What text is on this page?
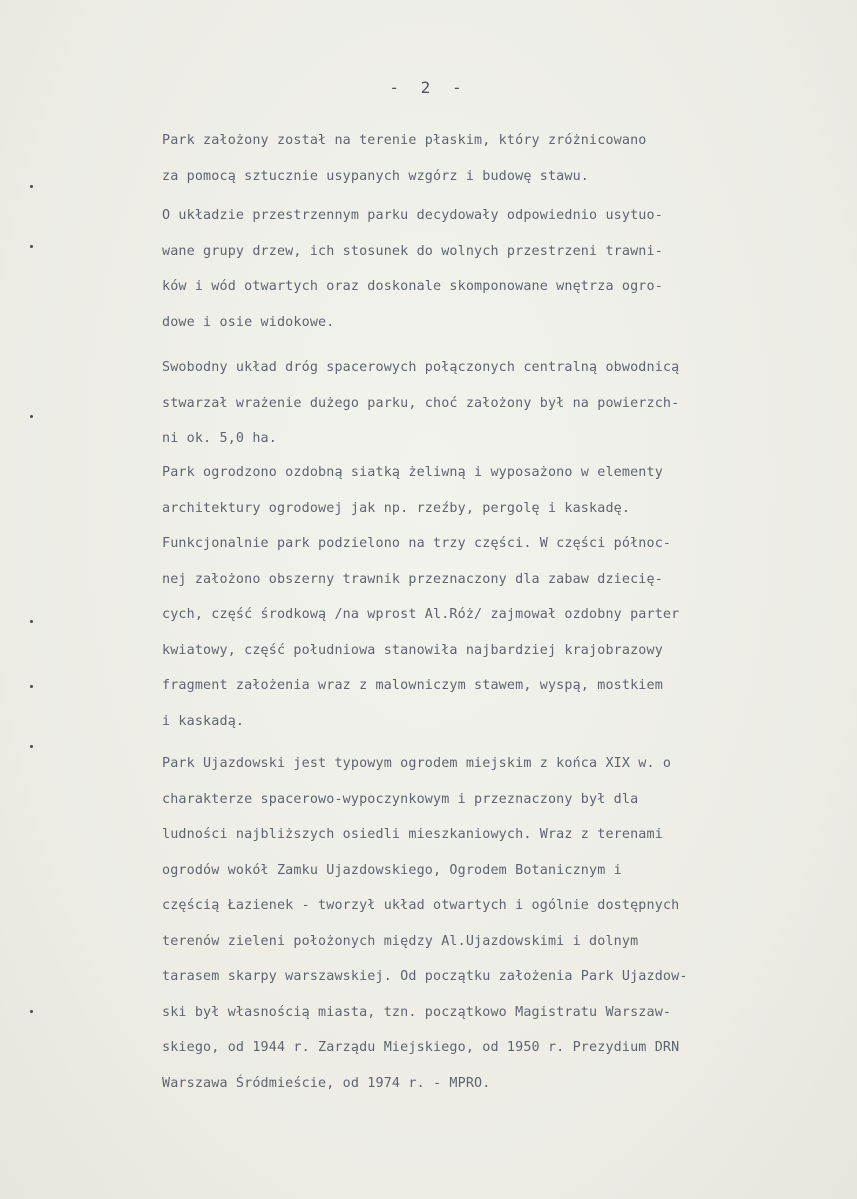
- 2 -
Park założony został na terenie płaskim, który zróżnicowano
za pomocą sztucznie usypanych wzgórz i budowę stawu.
O układzie przestrzennym parku decydowały odpowiednio usytuo-
wane grupy drzew, ich stosunek do wolnych przestrzeni trawni-
ków i wód otwartych oraz doskonale skomponowane wnętrza ogro-
dowe i osie widokowe.
Swobodny układ dróg spacerowych połączonych centralną obwodnicą
stwarzał wrażenie dużego parku, choć założony był na powierzch-
ni ok. 5,0 ha.
Park ogrodzono ozdobną siatką żeliwną i wyposażono w elementy
architektury ogrodowej jak np. rzeźby, pergolę i kaskadę.
Funkcjonalnie park podzielono na trzy części. W części północ-
nej założono obszerny trawnik przeznaczony dla zabaw dziecię-
cych, część środkową /na wprost Al.Róż/ zajmował ozdobny parter
kwiatowy, część południowa stanowiła najbardziej krajobrazowy
fragment założenia wraz z malowniczym stawem, wyspą, mostkiem
i kaskadą.
Park Ujazdowski jest typowym ogrodem miejskim z końca XIX w. o
charakterze spacerowo-wypoczynkowym i przeznaczony był dla
ludności najbliższych osiedli mieszkaniowych. Wraz z terenami
ogrodów wokół Zamku Ujazdowskiego, Ogrodem Botanicznym i
częścią Łazienek - tworzył układ otwartych i ogólnie dostępnych
terenów zieleni położonych między Al.Ujazdowskimi i dolnym
tarasem skarpy warszawskiej. Od początku założenia Park Ujazdow-
ski był własnością miasta, tzn. początkowo Magistratu Warszaw-
skiego, od 1944 r. Zarządu Miejskiego, od 1950 r. Prezydium DRN
Warszawa Śródmieście, od 1974 r. - MPRO.
